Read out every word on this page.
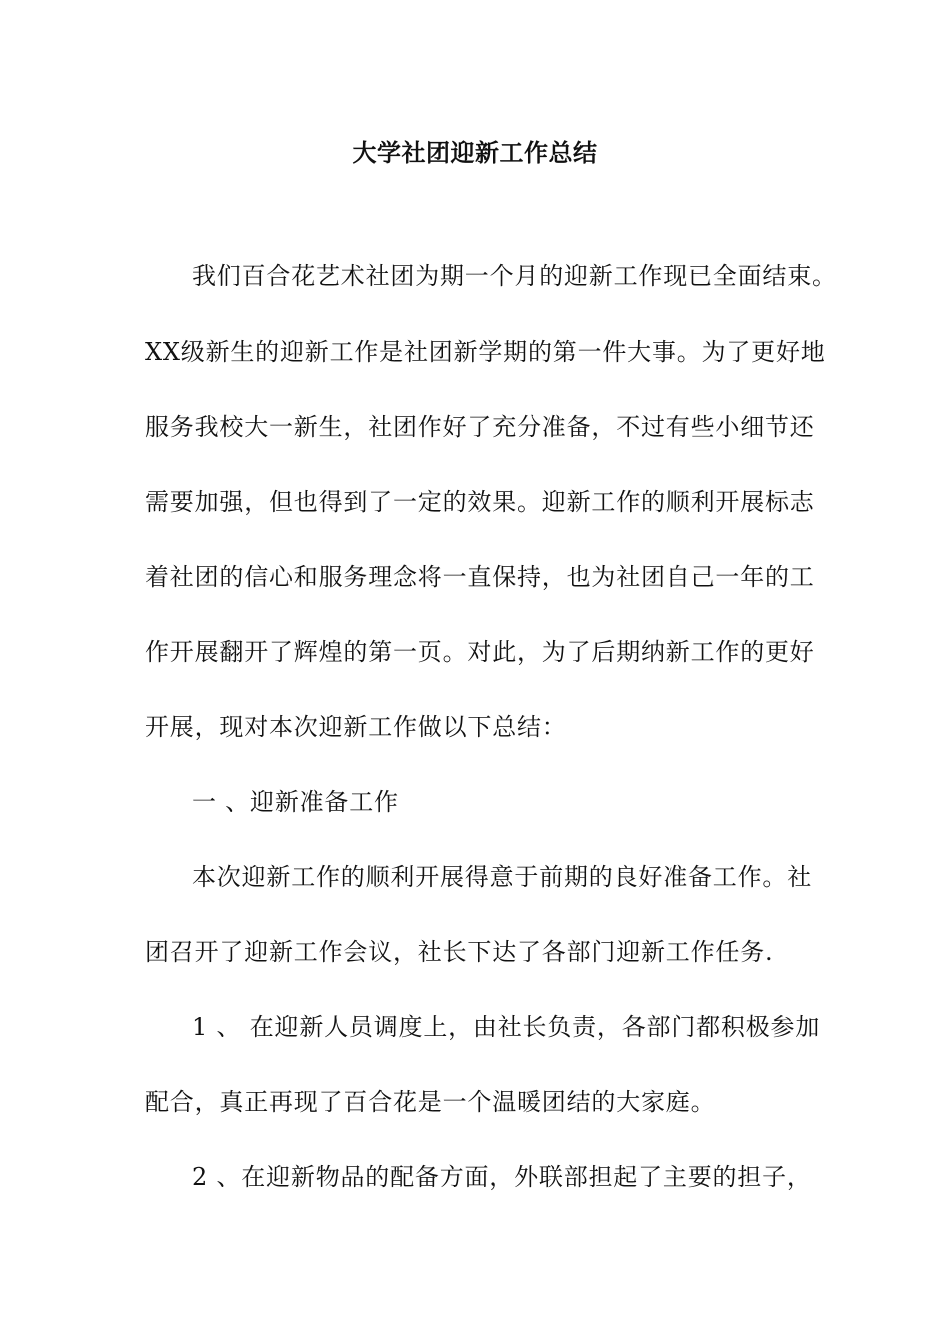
大学社团迎新工作总结
我们百合花艺术社团为期一个月的迎新工作现已全面结束。
XX级新生的迎新工作是社团新学期的第一件大事。为了更好地
服务我校大一新生，社团作好了充分准备，不过有些小细节还
需要加强，但也得到了一定的效果。迎新工作的顺利开展标志
着社团的信心和服务理念将一直保持，也为社团自己一年的工
作开展翻开了辉煌的第一页。对此，为了后期纳新工作的更好
开展，现对本次迎新工作做以下总结：
一 、迎新准备工作
本次迎新工作的顺利开展得意于前期的良好准备工作。社
团召开了迎新工作会议，社长下达了各部门迎新工作任务.
1 、 在迎新人员调度上，由社长负责，各部门都积极参加
配合，真正再现了百合花是一个温暖团结的大家庭。
2 、在迎新物品的配备方面，外联部担起了主要的担子，
